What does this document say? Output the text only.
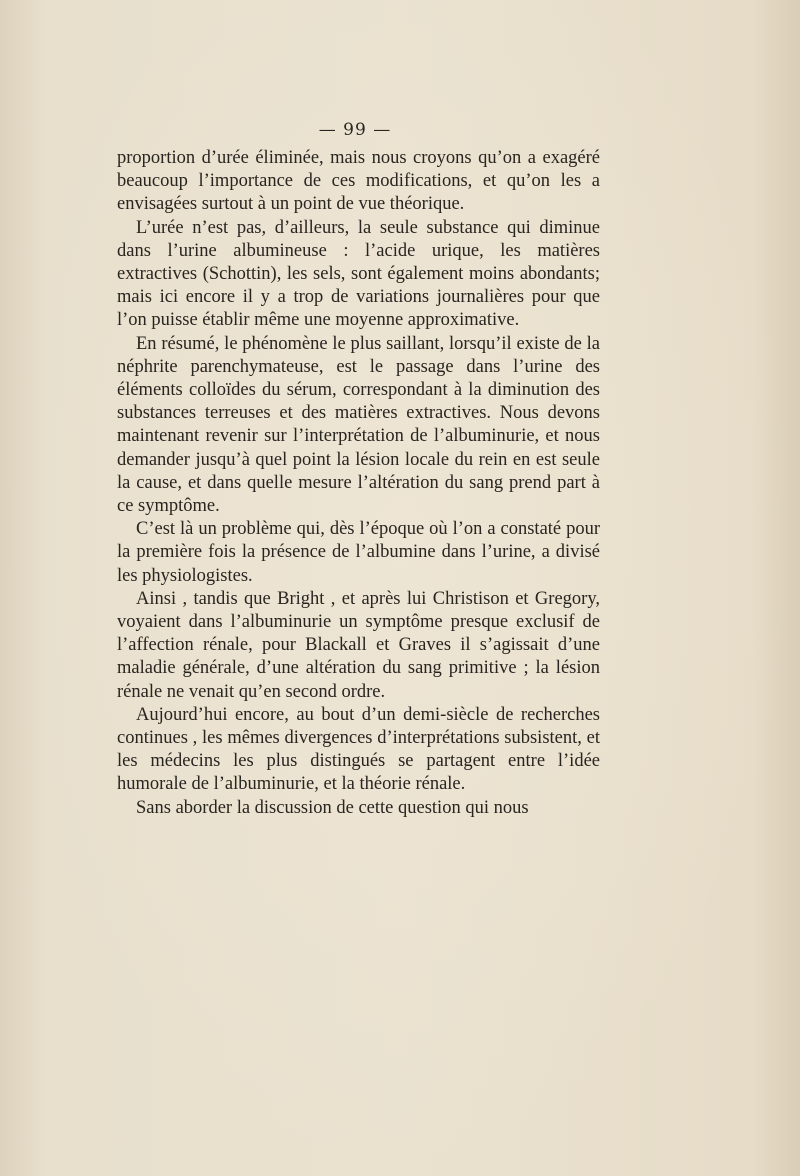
— 99 —

proportion d’urée éliminée, mais nous croyons qu’on a exagéré beaucoup l’importance de ces modifications, et qu’on les a envisagées surtout à un point de vue théorique.

L’urée n’est pas, d’ailleurs, la seule substance qui diminue dans l’urine albumineuse : l’acide urique, les matières extractives (Schottin), les sels, sont également moins abondants; mais ici encore il y a trop de variations journalières pour que l’on puisse établir même une moyenne approximative.

En résumé, le phénomène le plus saillant, lorsqu’il existe de la néphrite parenchymateuse, est le passage dans l’urine des éléments colloïdes du sérum, correspondant à la diminution des substances terreuses et des matières extractives. Nous devons maintenant revenir sur l’interprétation de l’albuminurie, et nous demander jusqu’à quel point la lésion locale du rein en est seule la cause, et dans quelle mesure l’altération du sang prend part à ce symptôme.

C’est là un problème qui, dès l’époque où l’on a constaté pour la première fois la présence de l’albumine dans l’urine, a divisé les physiologistes.

Ainsi , tandis que Bright , et après lui Christison et Gregory, voyaient dans l’albuminurie un symptôme presque exclusif de l’affection rénale, pour Blackall et Graves il s’agissait d’une maladie générale, d’une altération du sang primitive ; la lésion rénale ne venait qu’en second ordre.

Aujourd’hui encore, au bout d’un demi-siècle de recherches continues , les mêmes divergences d’interprétations subsistent, et les médecins les plus distingués se partagent entre l’idée humorale de l’albuminurie, et la théorie rénale.

Sans aborder la discussion de cette question qui nous
